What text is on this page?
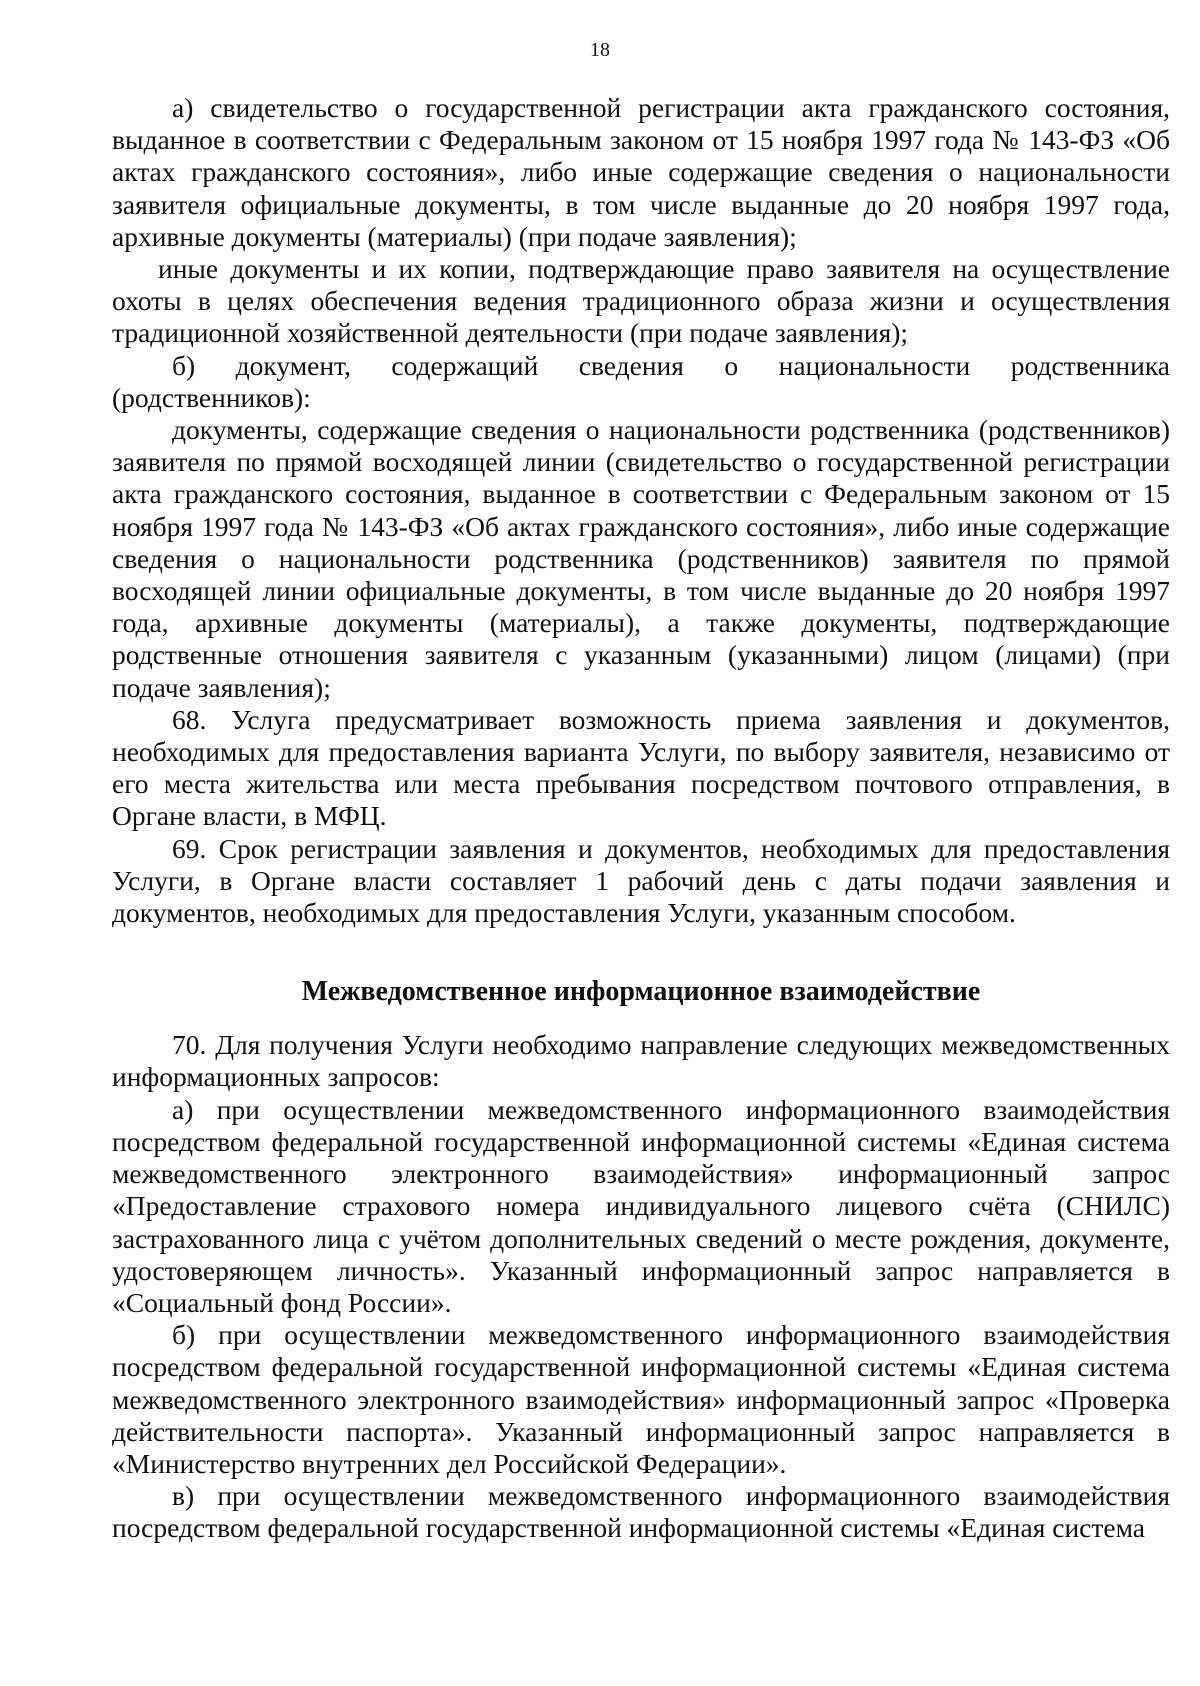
18

а) свидетельство о государственной регистрации акта гражданского состояния, выданное в соответствии с Федеральным законом от 15 ноября 1997 года № 143-ФЗ «Об актах гражданского состояния», либо иные содержащие сведения о национальности заявителя официальные документы, в том числе выданные до 20 ноября 1997 года, архивные документы (материалы) (при подаче заявления);

иные документы и их копии, подтверждающие право заявителя на осуществление охоты в целях обеспечения ведения традиционного образа жизни и осуществления традиционной хозяйственной деятельности (при подаче заявления);

б) документ, содержащий сведения о национальности родственника (родственников):

документы, содержащие сведения о национальности родственника (родственников) заявителя по прямой восходящей линии (свидетельство о государственной регистрации акта гражданского состояния, выданное в соответствии с Федеральным законом от 15 ноября 1997 года № 143-ФЗ «Об актах гражданского состояния», либо иные содержащие сведения о национальности родственника (родственников) заявителя по прямой восходящей линии официальные документы, в том числе выданные до 20 ноября 1997 года, архивные документы (материалы), а также документы, подтверждающие родственные отношения заявителя с указанным (указанными) лицом (лицами) (при подаче заявления);

68. Услуга предусматривает возможность приема заявления и документов, необходимых для предоставления варианта Услуги, по выбору заявителя, независимо от его места жительства или места пребывания посредством почтового отправления, в Органе власти, в МФЦ.

69. Срок регистрации заявления и документов, необходимых для предоставления Услуги, в Органе власти составляет 1 рабочий день с даты подачи заявления и документов, необходимых для предоставления Услуги, указанным способом.

Межведомственное информационное взаимодействие

70. Для получения Услуги необходимо направление следующих межведомственных информационных запросов:

а) при осуществлении межведомственного информационного взаимодействия посредством федеральной государственной информационной системы «Единая система межведомственного электронного взаимодействия» информационный запрос «Предоставление страхового номера индивидуального лицевого счёта (СНИЛС) застрахованного лица с учётом дополнительных сведений о месте рождения, документе, удостоверяющем личность». Указанный информационный запрос направляется в «Социальный фонд России».

б) при осуществлении межведомственного информационного взаимодействия посредством федеральной государственной информационной системы «Единая система межведомственного электронного взаимодействия» информационный запрос «Проверка действительности паспорта». Указанный информационный запрос направляется в «Министерство внутренних дел Российской Федерации».

в) при осуществлении межведомственного информационного взаимодействия посредством федеральной государственной информационной системы «Единая система
